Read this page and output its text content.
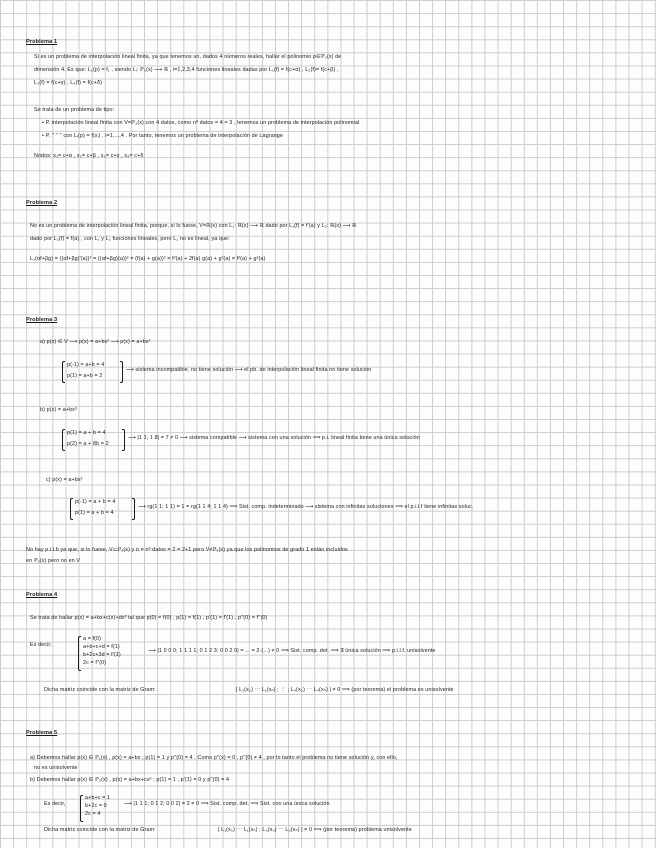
Problema 1
Si es un problema de interpolación lineal finita, ya que tenemos un, dados 4 números reales, hallar el polinomio p∈ℙ₃(x) de
dimensión 4. Es que: L₁(p) = f₁ , siendo Lᵢ: ℙ₃(x) ⟶ ℝ , i=1,2,3,4 funciones lineales dadas por L₁(f) = f(c+α) , L₂(f)= f(c+β) ,
L₃(f) = f(c+γ) , L₄(f) = f(c+δ)
Se trata de un problema de tipo:
• P. interpolación lineal finita con V=ℙ₃(x) con 4 datos, como nº datos = 4 = 3 , tenemos un problema de interpolación polinomial
• P. '' '' '' con Lᵢ(p) = f(xᵢ) , i=1,...,4 . Por tanto, tenemos un problema de interpolación de Lagrange
Nodos: x₁= c+α , x₂= c+β , x₃= c+γ , x₄= c+δ
Problema 2
No es un problema de interpolación lineal finita, porque, si lo fuese, V=ℝ(x) con L₁: ℝ(x) ⟶ ℝ dado por L₁(f) = f'(a) y L₂: ℝ(x) ⟶ ℝ
dado por L₂(f) = f(a) , con L₁ y L₂ funciones lineales, pero L₁ no es lineal, ya que:
L₁(αf+βg) = ((αf+βg)'(a))² = ((αf+βg)(a))² = (f(a) + g(a))² = f²(a) + 2f(a) g(a) + g²(a) ≠ f²(a) + g²(a)
Problema 3
a) p(x) ∈ V ⟶ p(x) = a+bx² ⟶ p(x) = a+bx²
p(-1) = a+b = 4
p(1) = a+b = 2
⟶ sistema incompatible, no tiene solución ⟶ el pb. de interpolación lineal finita no tiene solución
b) p(x) = a+bx³
p(1) = a + b = 4
p(2) = a + 8b = 2
⟶ |1 1; 1 8| = 7 ≠ 0 ⟶ sistema compatible ⟶ sistema con una solución ⟹ p.i. lineal finita tiene una única solución
c) p(x) = a+bx²
p(-1) = a + b = 4
p(1) = a + b = 4
⟶ rg(1 1; 1 1) = 1 = rg(1 1 4; 1 1 4) ⟹ Sist. comp. indeterminado ⟶ sistema con infinitas soluciones ⟹ el p.i.l.f tiene infinitas soluc.
No hay p.i.l.b ya que, si lo fuese, V⊂ℙ₂(x) y n = nº datos = 2 = 2+1 pero V≠ℙ₂(x) ya que los polinomios de grado 1 están incluidos
en ℙ₂(x) pero no en V
Problema 4
Se trata de hallar p(x) = a+bx+c(x)+dx³ tal que p(0) = f(0) , p(1) = f(1) , p'(1) = f'(1) , p''(0) = f''(0)
Es decir,
a = f(0)
a+b+c+d = f(1)
b+2c+3d = f'(1)
2c = f''(0)
⟶ |1 0 0 0; 1 1 1 1; 0 1 2 3; 0 0 2 0| = ... = 2·(...) ≠ 0 ⟹ Sist. comp. det. ⟹ ∃ única solución ⟹ p.i.l.f. unisolvente
Dicha matriz coincide con la matriz de Gram:	| L₁(x₀) ⋯ L₁(xₙ) ; ⋮ ; L₄(x₀) ⋯ L₄(xₙ) | ≠ 0 ⟹ (por teorema) el problema es unisolvente
Problema 5
a) Debemos hallar p(x) ∈ ℙ₁(x) , p(x) = a+bx ; p(1) = 1 y p''(0) = 4 . Como p''(x) = 0 , p''(0) ≠ 4 , por lo tanto el problema no tiene solución y, con ello,
no es unisolvente
b) Debemos hallar p(x) ∈ ℙ₂(x) , p(x) = a+bx+cx² ; p(1) = 1 , p'(1) = 0 y p''(0) = 4
Es decir,
a+b+c = 1
b+2c = 0
2c = 4
⟶ |1 1 1; 0 1 2; 0 0 2| = 2 ≠ 0 ⟹ Sist. comp. det. ⟹ Sist. con una única solución
Dicha matriz coincide con la matriz de Gram:	| L₁(x₀) ⋯ L₁(xₙ) ; L₃(x₀) ⋯ L₃(xₙ) | ≠ 0 ⟹ (por teorema) problema unisolvente
